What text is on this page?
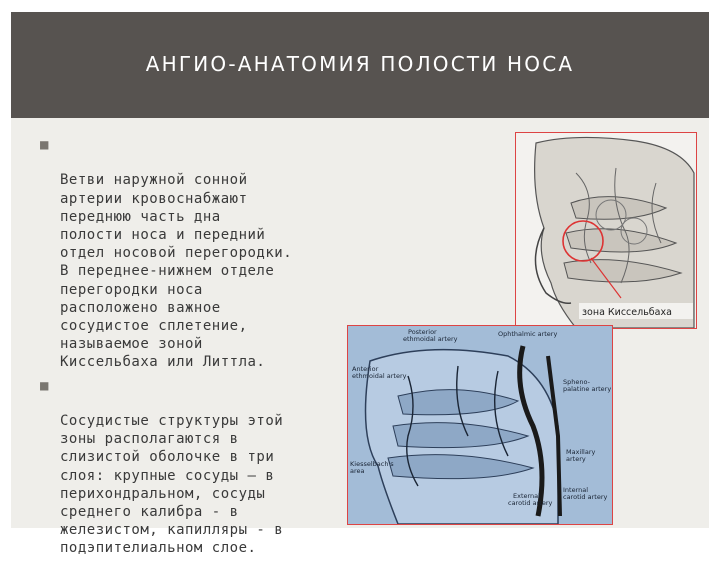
АНГИО-АНАТОМИЯ ПОЛОСТИ НОСА

■

Ветви наружной сонной
артерии кровоснабжают
переднюю часть дна
полости носа и передний
отдел носовой перегородки.
В переднее-нижнем отделе
перегородки носа
расположено важное
сосудистое сплетение,
называемое зоной
Киссельбаха или Литтла.

■

Сосудистые структуры этой
зоны располагаются в
слизистой оболочке в три
слоя: крупные сосуды – в
перихондральном, сосуды
среднего калибра - в
железистом, капилляры - в
подэпителиальном слое.

зона Киссельбаха
Posterior ethmoidal artery
Ophthalmic artery
Anterior ethmoidal artery
Spheno-palatine artery
Kiesselbach's area
Maxillary artery
External carotid artery
Internal carotid artery
